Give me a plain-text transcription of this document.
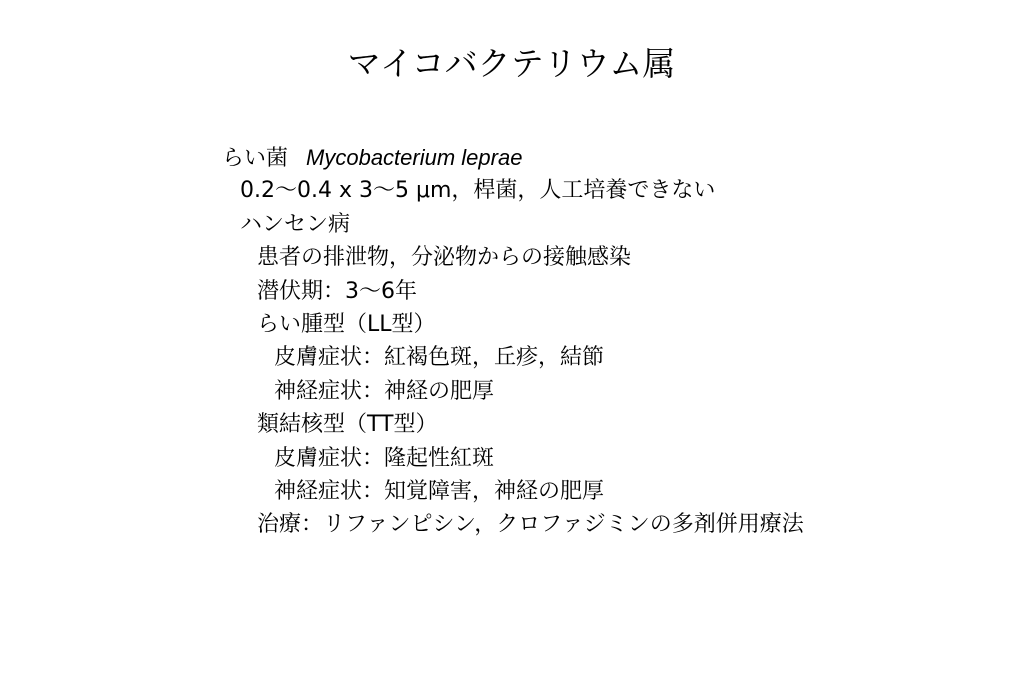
マイコバクテリウム属
らい菌 Mycobacterium leprae
0.2〜0.4 x 3〜5 μm，桿菌，人工培養できない
ハンセン病
患者の排泄物，分泌物からの接触感染
潜伏期：3〜6年
らい腫型（LL型）
皮膚症状：紅褐色斑，丘疹，結節
神経症状：神経の肥厚
類結核型（TT型）
皮膚症状：隆起性紅斑
神経症状：知覚障害，神経の肥厚
治療：リファンピシン，クロファジミンの多剤併用療法
